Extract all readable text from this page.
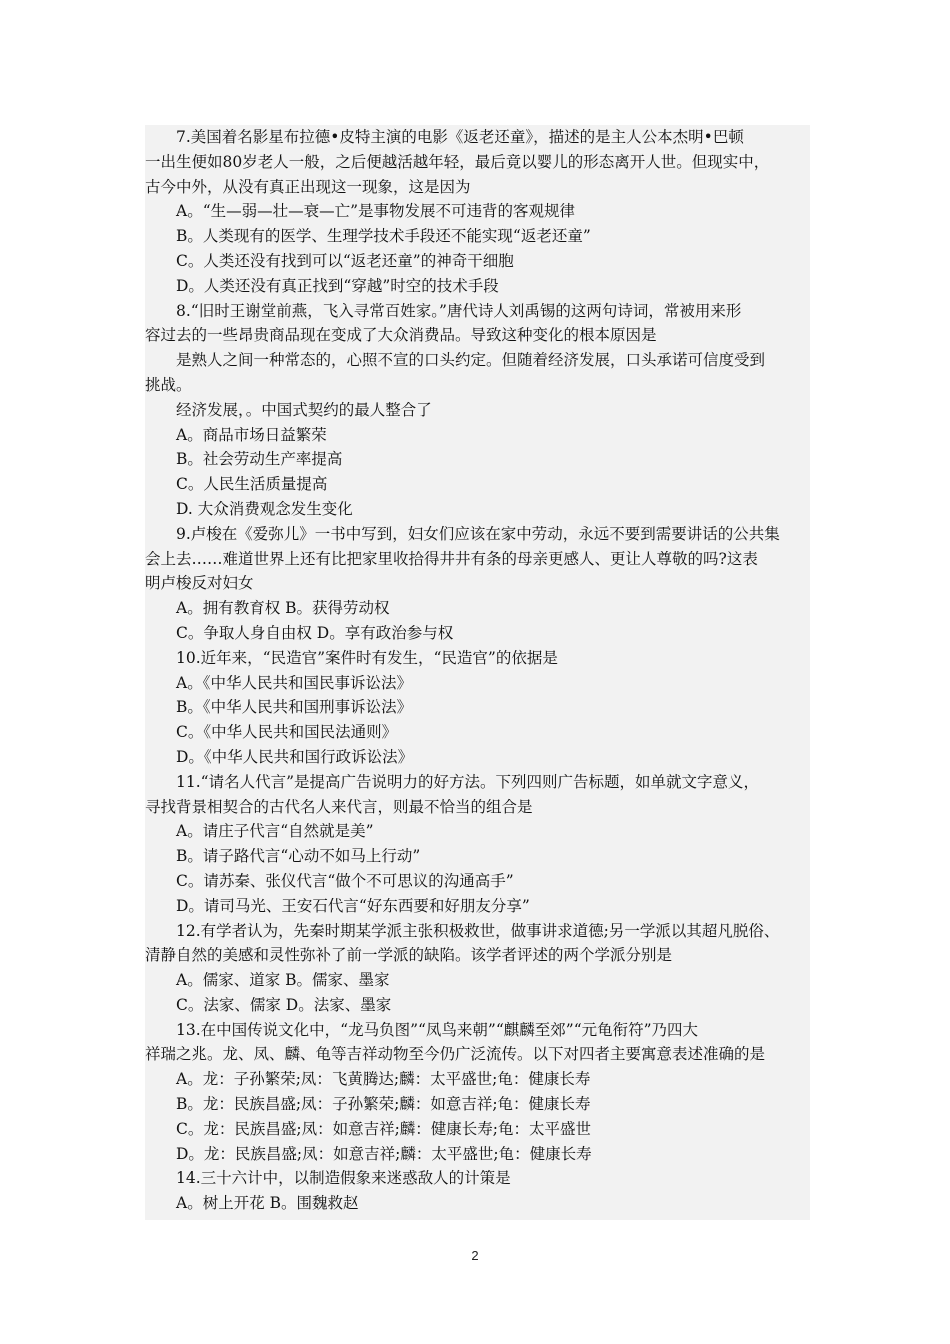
7.美国着名影星布拉德•皮特主演的电影《返老还童》，描述的是主人公本杰明•巴顿

一出生便如80岁老人一般，之后便越活越年轻，最后竟以婴儿的形态离开人世。但现实中，

古今中外，从没有真正出现这一现象，这是因为

A。“生—弱—壮—衰—亡”是事物发展不可违背的客观规律

B。人类现有的医学、生理学技术手段还不能实现“返老还童”

C。人类还没有找到可以“返老还童”的神奇干细胞

D。人类还没有真正找到“穿越”时空的技术手段

8.“旧时王谢堂前燕，飞入寻常百姓家。”唐代诗人刘禹锡的这两句诗词，常被用来形

容过去的一些昂贵商品现在变成了大众消费品。导致这种变化的根本原因是

是熟人之间一种常态的，心照不宣的口头约定。但随着经济发展，口头承诺可信度受到

挑战。

经济发展，。中国式契约的最人整合了

A。商品市场日益繁荣

B。社会劳动生产率提高

C。人民生活质量提高

D. 大众消费观念发生变化

9.卢梭在《爱弥儿》一书中写到，妇女们应该在家中劳动，永远不要到需要讲话的公共集

会上去……难道世界上还有比把家里收拾得井井有条的母亲更感人、更让人尊敬的吗?这表

明卢梭反对妇女

A。拥有教育权 B。获得劳动权

C。争取人身自由权 D。享有政治参与权

10.近年来，“民造官”案件时有发生，“民造官”的依据是

A。《中华人民共和国民事诉讼法》

B。《中华人民共和国刑事诉讼法》

C。《中华人民共和国民法通则》

D。《中华人民共和国行政诉讼法》

11.“请名人代言”是提高广告说明力的好方法。下列四则广告标题，如单就文字意义，

寻找背景相契合的古代名人来代言，则最不恰当的组合是

A。请庄子代言“自然就是美”

B。请子路代言“心动不如马上行动”

C。请苏秦、张仪代言“做个不可思议的沟通高手”

D。请司马光、王安石代言“好东西要和好朋友分享”

12.有学者认为，先秦时期某学派主张积极救世，做事讲求道德;另一学派以其超凡脱俗、

清静自然的美感和灵性弥补了前一学派的缺陷。该学者评述的两个学派分别是

A。儒家、道家 B。儒家、墨家

C。法家、儒家 D。法家、墨家

13.在中国传说文化中，“龙马负图”“凤鸟来朝”“麒麟至郊”“元龟衔符”乃四大

祥瑞之兆。龙、凤、麟、龟等吉祥动物至今仍广泛流传。以下对四者主要寓意表述准确的是

A。龙：子孙繁荣;凤：飞黄腾达;麟：太平盛世;龟：健康长寿

B。龙：民族昌盛;凤：子孙繁荣;麟：如意吉祥;龟：健康长寿

C。龙：民族昌盛;凤：如意吉祥;麟：健康长寿;龟：太平盛世

D。龙：民族昌盛;凤：如意吉祥;麟：太平盛世;龟：健康长寿

14.三十六计中，以制造假象来迷惑敌人的计策是

A。树上开花 B。围魏救赵

2
